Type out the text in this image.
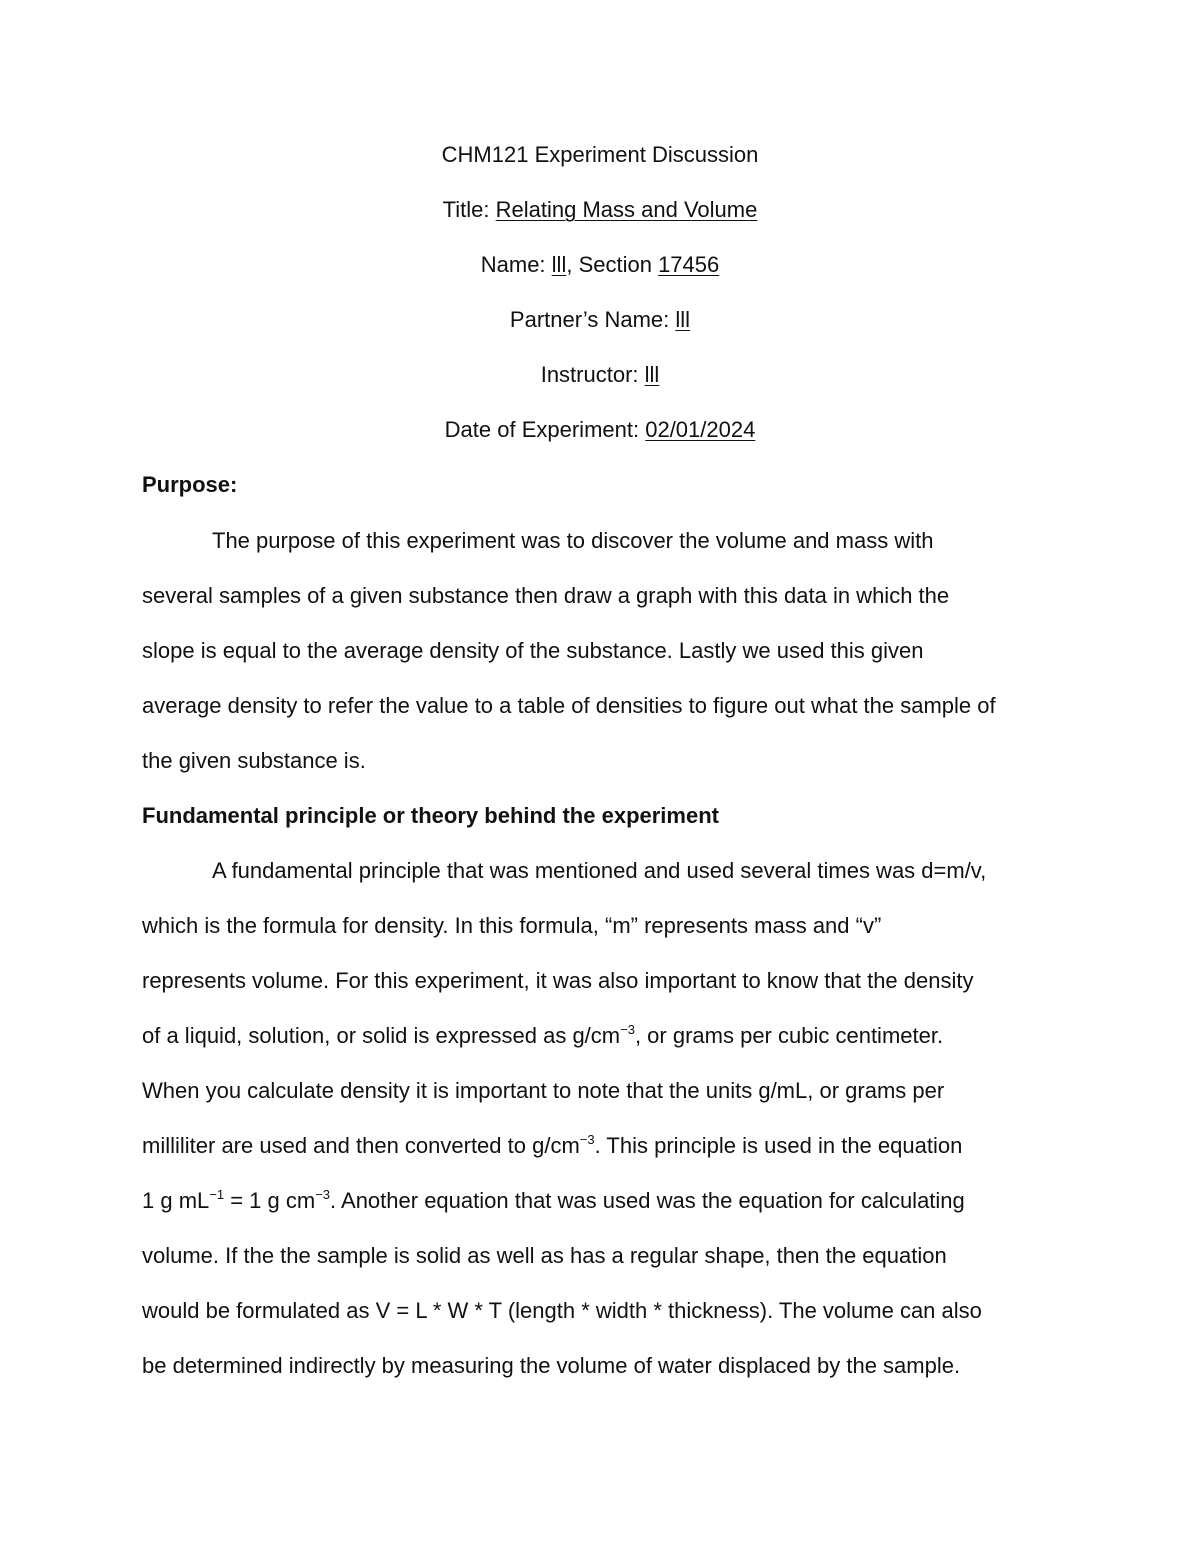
CHM121 Experiment Discussion
Title: Relating Mass and Volume
Name: lll, Section 17456
Partner’s Name: lll
Instructor: lll
Date of Experiment: 02/01/2024
Purpose:
The purpose of this experiment was to discover the volume and mass with
several samples of a given substance then draw a graph with this data in which the
slope is equal to the average density of the substance. Lastly we used this given
average density to refer the value to a table of densities to figure out what the sample of
the given substance is.
Fundamental principle or theory behind the experiment
A fundamental principle that was mentioned and used several times was d=m/v,
which is the formula for density. In this formula, “m” represents mass and “v”
represents volume. For this experiment, it was also important to know that the density
of a liquid, solution, or solid is expressed as $g/cm^{-3}$, or grams per cubic centimeter.
When you calculate density it is important to note that the units g/mL, or grams per
milliliter are used and then converted to $g/cm^{-3}$. This principle is used in the equation
1 g $mL^{-1} = 1$ g $cm^{-3}$. Another equation that was used was the equation for calculating
volume. If the the sample is solid as well as has a regular shape, then the equation
would be formulated as V = L * W * T (length * width * thickness). The volume can also
be determined indirectly by measuring the volume of water displaced by the sample.
